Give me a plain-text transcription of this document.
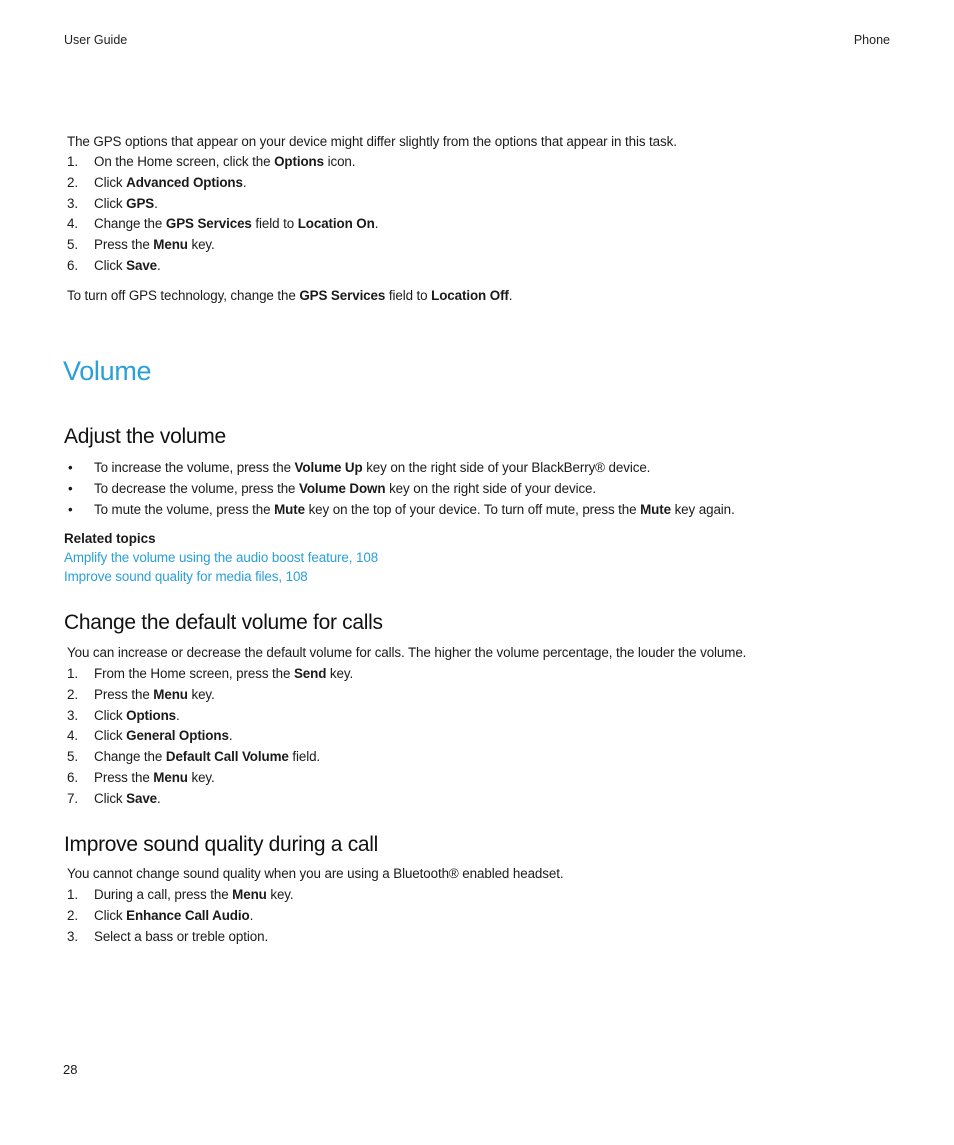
User Guide	Phone
The GPS options that appear on your device might differ slightly from the options that appear in this task.
1. On the Home screen, click the Options icon.
2. Click Advanced Options.
3. Click GPS.
4. Change the GPS Services field to Location On.
5. Press the Menu key.
6. Click Save.
To turn off GPS technology, change the GPS Services field to Location Off.
Volume
Adjust the volume
• To increase the volume, press the Volume Up key on the right side of your BlackBerry® device.
• To decrease the volume, press the Volume Down key on the right side of your device.
• To mute the volume, press the Mute key on the top of your device. To turn off mute, press the Mute key again.
Related topics
Amplify the volume using the audio boost feature, 108
Improve sound quality for media files, 108
Change the default volume for calls
You can increase or decrease the default volume for calls. The higher the volume percentage, the louder the volume.
1. From the Home screen, press the Send key.
2. Press the Menu key.
3. Click Options.
4. Click General Options.
5. Change the Default Call Volume field.
6. Press the Menu key.
7. Click Save.
Improve sound quality during a call
You cannot change sound quality when you are using a Bluetooth® enabled headset.
1. During a call, press the Menu key.
2. Click Enhance Call Audio.
3. Select a bass or treble option.
28
